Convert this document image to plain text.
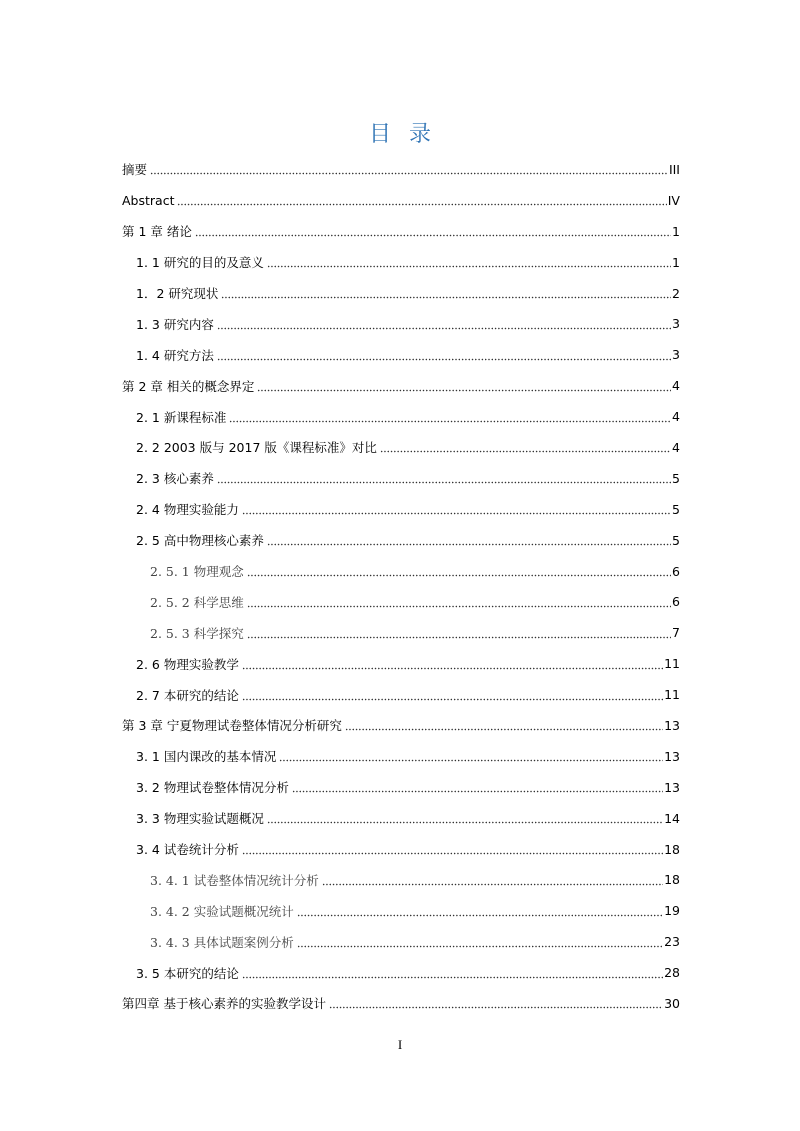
目 录
摘要	III
Abstract	IV
第 1 章 绪论	1
1. 1 研究的目的及意义	1
1．2 研究现状	2
1. 3 研究内容	3
1. 4 研究方法	3
第 2 章 相关的概念界定	4
2. 1 新课程标准	4
2. 2 2003 版与 2017 版《课程标准》对比	4
2. 3 核心素养	5
2. 4 物理实验能力	5
2. 5 高中物理核心素养	5
2. 5. 1 物理观念	6
2. 5. 2 科学思维	6
2. 5. 3 科学探究	7
2. 6 物理实验教学	11
2. 7 本研究的结论	11
第 3 章 宁夏物理试卷整体情况分析研究	13
3. 1 国内课改的基本情况	13
3. 2 物理试卷整体情况分析	13
3. 3 物理实验试题概况	14
3. 4 试卷统计分析	18
3. 4. 1 试卷整体情况统计分析	18
3. 4. 2 实验试题概况统计	19
3. 4. 3 具体试题案例分析	23
3. 5 本研究的结论	28
第四章 基于核心素养的实验教学设计	30
I
